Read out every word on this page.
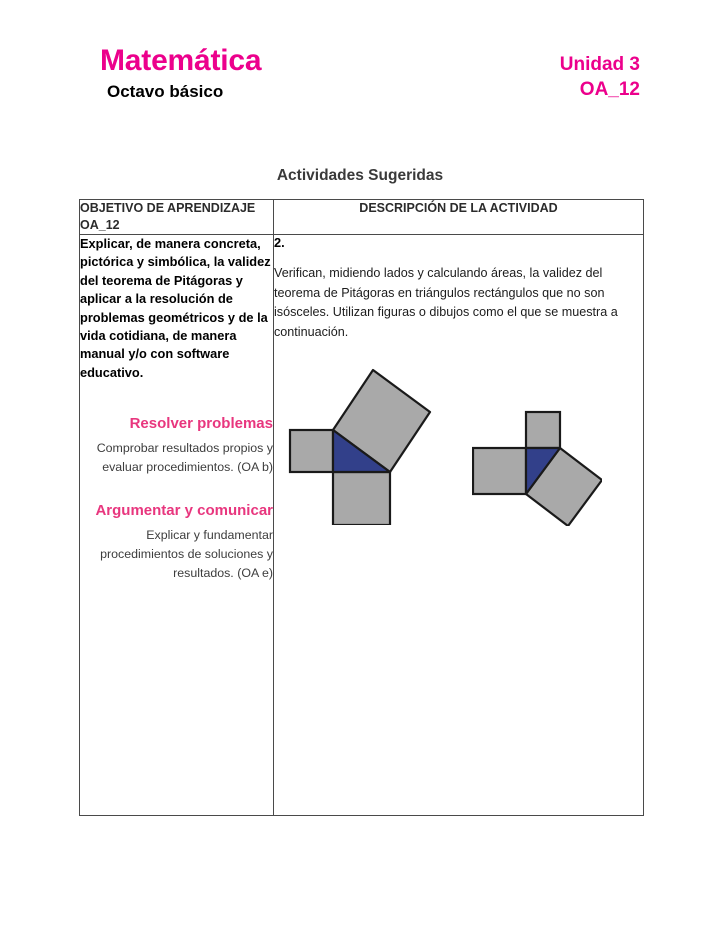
Matemática
Octavo básico
Unidad 3
OA_12
Actividades Sugeridas
OBJETIVO DE APRENDIZAJE OA_12	DESCRIPCIÓN DE LA ACTIVIDAD

Explicar, de manera concreta, pictórica y simbólica, la validez del teorema de Pitágoras y aplicar a la resolución de problemas geométricos y de la vida cotidiana, de manera manual y/o con software educativo.

Resolver problemas
Comprobar resultados propios y evaluar procedimientos. (OA b)
Argumentar y comunicar
Explicar y fundamentar procedimientos de soluciones y resultados. (OA e)

2.

Verifican, midiendo lados y calculando áreas, la validez del teorema de Pitágoras en triángulos rectángulos que no son isósceles. Utilizan figuras o dibujos como el que se muestra a continuación.
